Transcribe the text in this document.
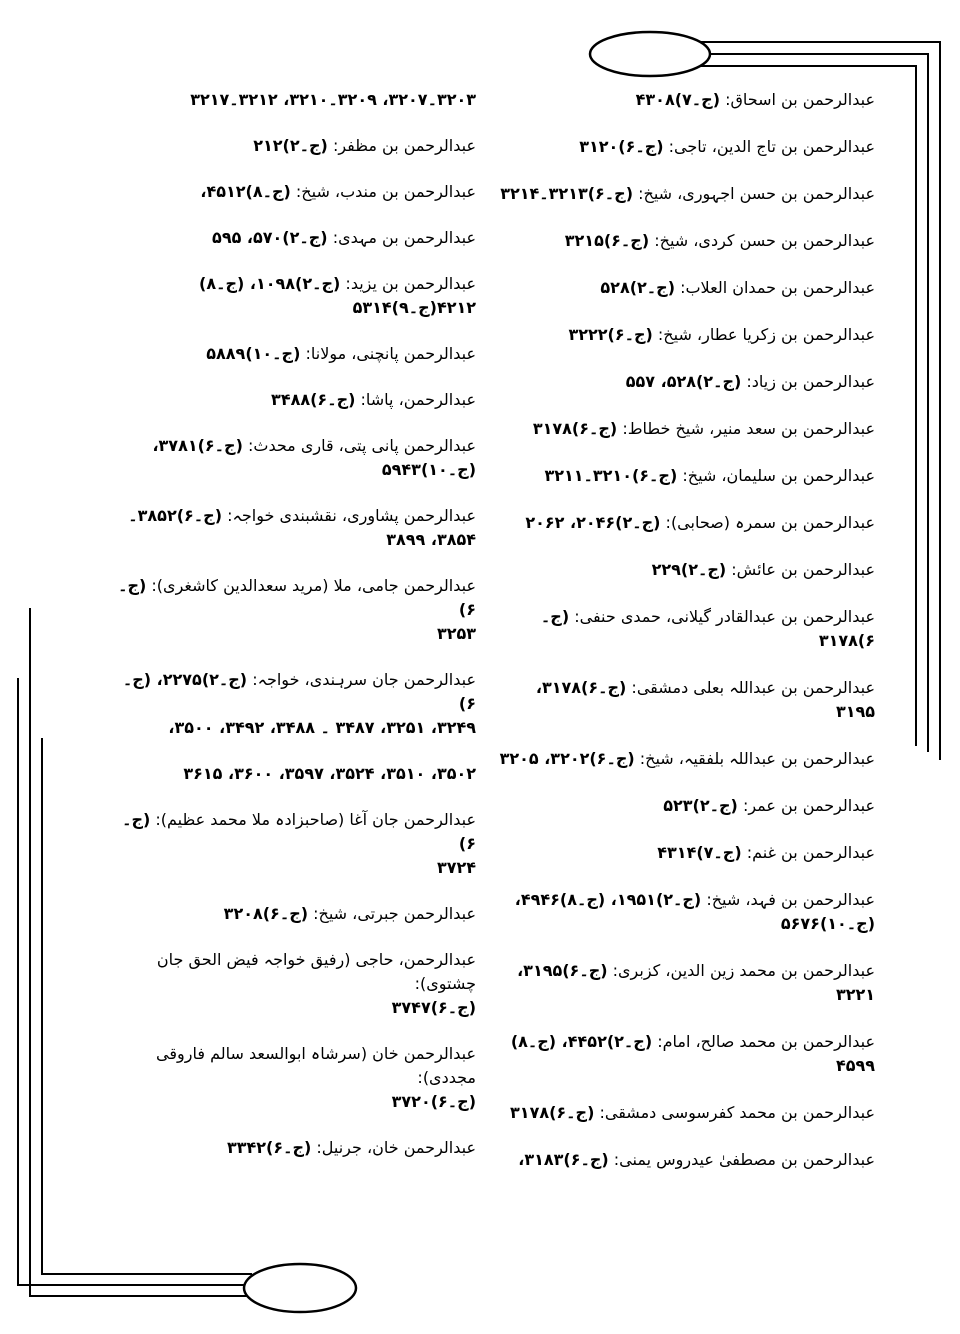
عبدالرحمن بن اسحاق: (ج۔۷)۴۳۰۸
عبدالرحمن بن تاج الدین، تاجی: (ج۔۶)۳۱۲۰
عبدالرحمن بن حسن اجہوری، شیخ: (ج۔۶)۳۲۱۳۔۳۲۱۴
عبدالرحمن بن حسن کردی، شیخ: (ج۔۶)۳۲۱۵
عبدالرحمن بن حمدان العلاب: (ج۔۲)۵۲۸
عبدالرحمن بن زکریا عطار، شیخ: (ج۔۶)۳۲۲۲
عبدالرحمن بن زیاد: (ج۔۲)۵۲۸، ۵۵۷
عبدالرحمن بن سعد منیر، شیخ خطاط: (ج۔۶)۳۱۷۸
عبدالرحمن بن سلیمان، شیخ: (ج۔۶)۳۲۱۰۔۳۲۱۱
عبدالرحمن بن سمرہ (صحابی): (ج۔۲)۲۰۴۶، ۲۰۶۲
عبدالرحمن بن عائش: (ج۔۲)۲۲۹
عبدالرحمن بن عبدالقادر گیلانی، حمدی حنفی: (ج۔۶)۳۱۷۸
عبدالرحمن بن عبداللہ بعلی دمشقی: (ج۔۶)۳۱۷۸، ۳۱۹۵
عبدالرحمن بن عبداللہ بلفقیہ، شیخ: (ج۔۶)۳۲۰۲، ۳۲۰۵
عبدالرحمن بن عمر: (ج۔۲)۵۲۳
عبدالرحمن بن غنم: (ج۔۷)۴۳۱۴
عبدالرحمن بن فہد، شیخ: (ج۔۲)۱۹۵۱، (ج۔۸)۴۹۴۶،
(ج۔۱۰)۵۶۷۶
عبدالرحمن بن محمد زین الدین، کزبری: (ج۔۶)۳۱۹۵،
۳۲۲۱
عبدالرحمن بن محمد صالح، امام: (ج۔۲)۴۴۵۲، (ج۔۸)
۴۵۹۹
عبدالرحمن بن محمد کفرسوسی دمشقی: (ج۔۶)۳۱۷۸
عبدالرحمن بن مصطفیٰ عیدروس یمنی: (ج۔۶)۳۱۸۳،
۳۲۰۳۔۳۲۰۷، ۳۲۰۹۔۳۲۱۰، ۳۲۱۲۔۳۲۱۷
عبدالرحمن بن مظفر: (ج۔۲)۲۱۲
عبدالرحمن بن مندب، شیخ: (ج۔۸)۴۵۱۲،
عبدالرحمن بن مہدی: (ج۔۲)۵۷۰، ۵۹۵
عبدالرحمن بن یزید: (ج۔۲)۱۰۹۸، (ج۔۸)
۴۲۱۲(ج۔۹)۵۳۱۴
عبدالرحمن پانچنی، مولانا: (ج۔۱۰)۵۸۸۹
عبدالرحمن، پاشا: (ج۔۶)۳۴۸۸
عبدالرحمن پانی پتی، قاری محدث: (ج۔۶)۳۷۸۱،
(ج۔۱۰)۵۹۴۳
عبدالرحمن پشاوری، نقشبندی خواجہ: (ج۔۶)۳۸۵۲۔
۳۸۵۴، ۳۸۹۹
عبدالرحمن جامی، ملا (مرید سعدالدین کاشغری): (ج۔۶)
۳۲۵۳
عبدالرحمن جان سرہندی، خواجہ: (ج۔۲)۲۲۷۵، (ج۔۶)
۳۲۴۹، ۳۲۵۱، ۳۴۸۷ ۔ ۳۴۸۸، ۳۴۹۲، ۳۵۰۰،
۳۵۰۲، ۳۵۱۰، ۳۵۲۴، ۳۵۹۷، ۳۶۰۰، ۳۶۱۵
عبدالرحمن جان آغا (صاحبزادہ ملا محمد عظیم): (ج۔۶)
۳۷۲۴
عبدالرحمن جبرتی، شیخ: (ج۔۶)۳۲۰۸
عبدالرحمن، حاجی (رفیق خواجہ فیض الحق جان چشتوی):
(ج۔۶)۳۷۴۷
عبدالرحمن خان (سرشاہ ابوالسعد سالم فاروقی مجددی):
(ج۔۶)۳۷۲۰
عبدالرحمن خان، جرنیل: (ج۔۶)۳۳۴۲
